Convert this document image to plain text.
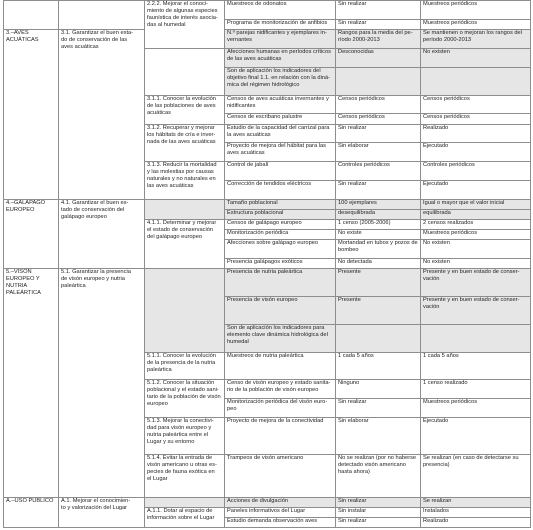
		2.2.2. Mejorar el conoci-
miento de algunas especies
faunística de interés asocia-
das al humedal	Muestreos de odonatos	Sin realizar	Muestreos periódicos
			Programa de monitorización de anfibios	Sin realizar	Muestreos periódicos
3.–AVES
ACUÁTICAS	3.1. Garantizar el buen esta-
do de conservación de las
aves acuáticas		N.º parejas nidificantes y ejemplares in-
vernantes	Rangos para la media del pe-
ríodo 2000-2013	Se mantienen o mejoran los rangos del
período 2000-2013
			Afecciones humanas en períodos críticos
de las aves acuáticas	Desconocidas	No existen
			Son de aplicación los indicadores del
objetivo final 1.1. en relación con la diná-
mica del régimen hidrológico		
		3.1.1. Conocer la evolución
de las poblaciones de aves
acuáticas	Censos de aves acuáticas invernantes y
nidificantes	Censos periódicos	Censos periódicos
			Censos de escribano palustre	Censos periódicos	Censos periódicos
		3.1.2. Recuperar y mejorar
los hábitats de cría e inver-
nada de las aves acuáticas	Estudio de la capacidad del carrizal para
la aves acuáticas	Sin realizar	Realizado
			Proyecto de mejora del hábitat para las
aves acuáticas	Sin elaborar	Ejecutado
		3.1.3. Reducir la mortalidad
y las molestias por causas
naturales y no naturales en
las aves acuáticas	Control de jabalí	Controles periódicos	Controles periódicos
			Corrección de tendidos eléctricos	Sin realizar	Ejecutado
4.–GALÁPAGO
EUROPEO	4.1. Garantizar el buen es-
tado de conservación del
galápago europeo		Tamaño poblacional	100 ejemplares	Igual o mayor que el valor inicial
			Estructura poblacional	desequilibrada	equilibrada
		4.1.1. Determinar y mejorar
el estado de conservación
del galápago europeo	Censos de galápago europeo	1 censo (2005-2006)	2 censos realizados
			Monitorización periódica	No existe	Muestreos periódicos
			Afecciones sobre galápago europeo	Mortandad en tubos y pozos de
bombeo	No existen
			Presencia galápagos exóticos	No detectada	No existen
5.–VISÓN
EUROPEO Y
NUTRIA
PALEÁRTICA	5.1. Garantizar la presencia
de visón europeo y nutria
paleártica		Presencia de nutria paleártica	Presente	Presente y en buen estado de conser-
vación
			Presencia de visón europeo	Presente	Presente y en buen estado de conser-
vación
			Son de aplicación los indicadores para
elemento clave dinámica hidrológica del
humedal		
		5.1.1. Conocer la evolución
de la presencia de la nutria
paleártica	Muestreos de nutria paleártica	1 cada 5 años	1 cada 5 años
		5.1.2. Conocer la situación
poblacional y el estado sani-
tario de la población de visón
europeo	Censo de visón europeo y estado sanita-
rio de la población de visón europeo	Ninguno	1 censo realizado
			Monitorización periódica del visón euro-
peo	Sin realizar	Muestreos periódicos
		5.1.3. Mejorar la conectivi-
dad para visón europeo y
nutria paleártica entre el
Lugar y su entorno	Proyecto de mejora de la conectividad	Sin elaborar	Ejecutado
		5.1.4. Evitar la entrada de
visón americano u otras es-
pecies de fauna exótica en
el Lugar	Trampeos de visón americano	No se realizan (por no haberse
detectado visón americano
hasta ahora)	Se realizan (en caso de detectarse su
presencia)
A.–USO PÚBLICO	A.1. Mejorar el conocimien-
to y valorización del Lugar		Acciones de divulgación	Sin realizar	Se realizan
		A.1.1. Dotar al espacio de
información sobre el Lugar	Paneles informativos del Lugar	Sin instalar	Instalados
			Estudio demanda observación aves	Sin realizar	Realizado
